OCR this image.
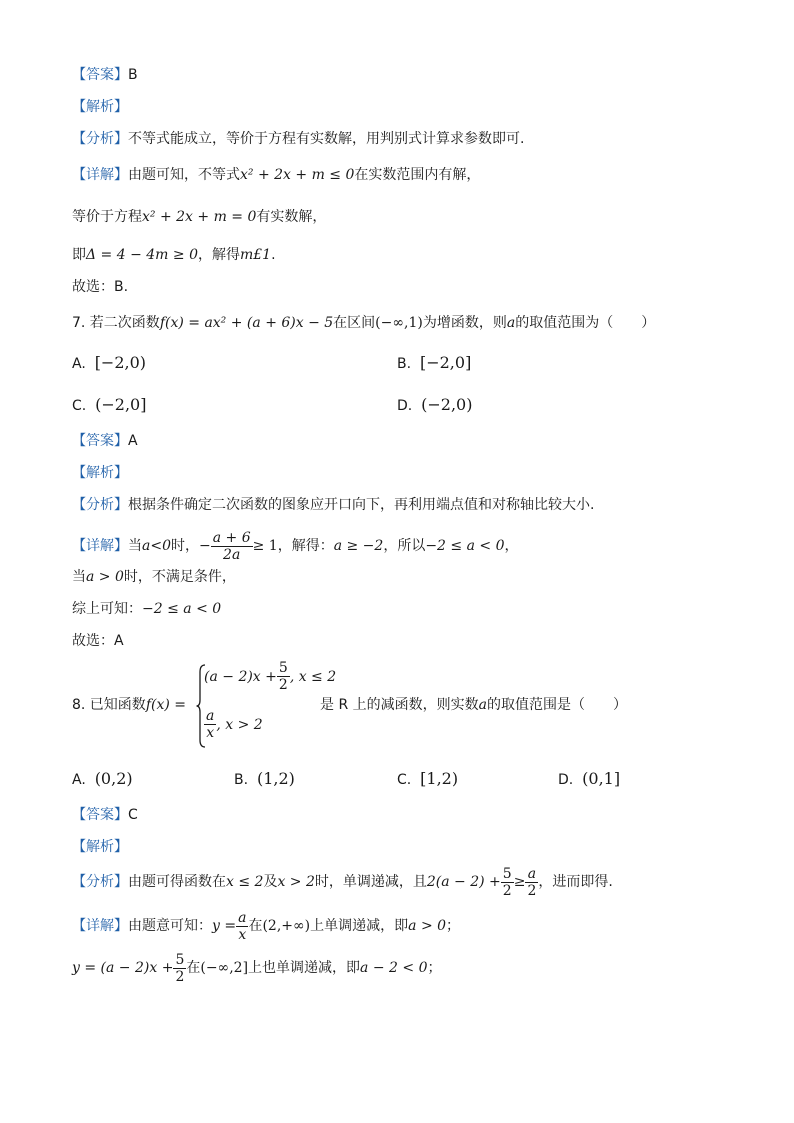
【答案】B
【解析】
【分析】不等式能成立，等价于方程有实数解，用判别式计算求参数即可.
【详解】由题可知，不等式x² + 2x + m ≤ 0在实数范围内有解，
等价于方程x² + 2x + m = 0有实数解，
即Δ = 4 − 4m ≥ 0，解得m£1.
故选：B.
7. 若二次函数f(x) = ax² + (a + 6)x − 5在区间(−∞,1)为增函数，则a的取值范围为（　　）
A. [−2,0)	B. [−2,0]
C. (−2,0]	D. (−2,0)
【答案】A
【解析】
【分析】根据条件确定二次函数的图象应开口向下，再利用端点值和对称轴比较大小.
【详解】当a<0时，− $\frac{a + 6}{2a} \ge 1$，解得：a ≥ −2，所以−2 ≤ a < 0，
当a > 0时，不满足条件，
综上可知：−2 ≤ a < 0
故选：A
8. 已知函数f(x) =
$(a - 2)x + \frac{5}{2}$ , x ≤ 2
$\frac{a}{x}$ , x > 2
是 R 上的减函数，则实数a的取值范围是（　　）
A. (0,2)	B. (1,2)	C. [1,2)	D. (0,1]
【答案】C
【解析】
【分析】由题可得函数在x ≤ 2及x > 2时，单调递减，且$2(a - 2) + \frac{5}{2} \ge \frac{a}{2}$ ，进而即得.
【详解】由题意可知：$y = \frac{a}{x}$ 在(2,+∞)上单调递减，即a > 0；
$y = (a - 2)x + \frac{5}{2}$ 在(−∞,2]上也单调递减，即a − 2 < 0；
